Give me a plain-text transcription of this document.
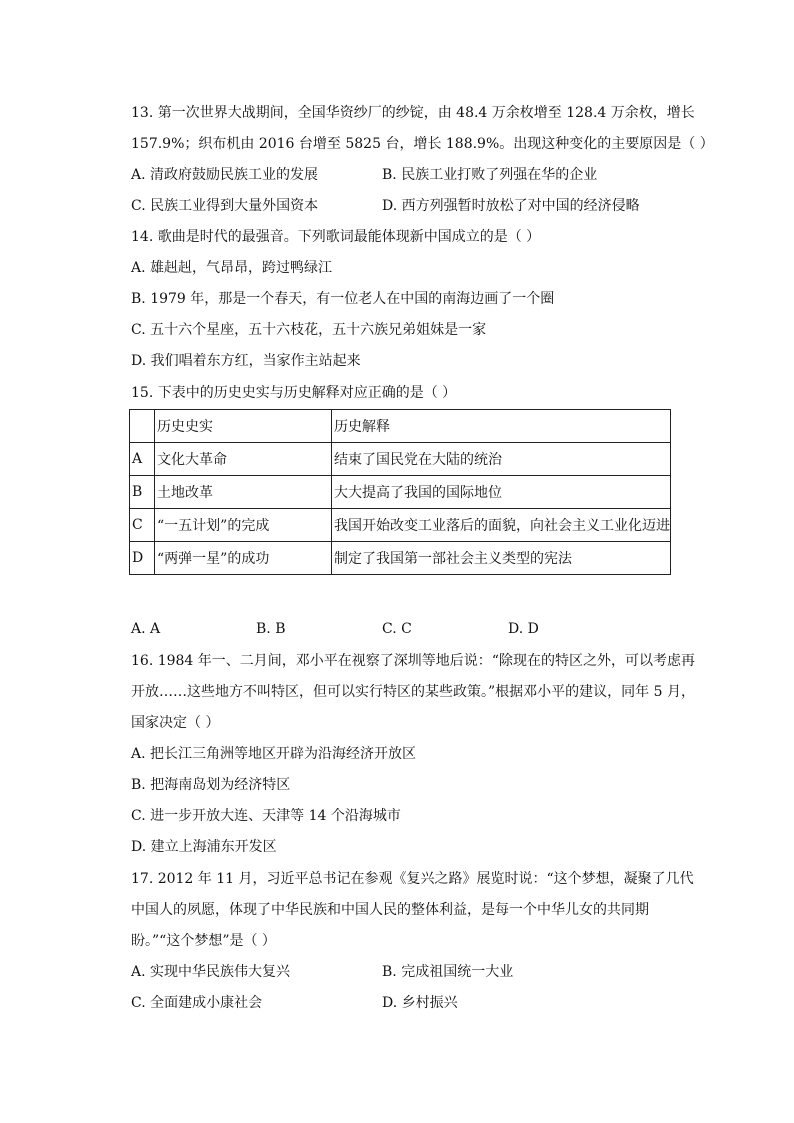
13. 第一次世界大战期间，全国华资纱厂的纱锭，由 48.4 万余枚增至 128.4 万余枚，增长
157.9%；织布机由 2016 台增至 5825 台，增长 188.9%。出现这种变化的主要原因是（ ）
A. 清政府鼓励民族工业的发展	B. 民族工业打败了列强在华的企业
C. 民族工业得到大量外国资本	D. 西方列强暂时放松了对中国的经济侵略
14. 歌曲是时代的最强音。下列歌词最能体现新中国成立的是（ ）
A. 雄赳赳，气昂昂，跨过鸭绿江
B. 1979 年，那是一个春天，有一位老人在中国的南海边画了一个圈
C. 五十六个星座，五十六枝花，五十六族兄弟姐妹是一家
D. 我们唱着东方红，当家作主站起来
15. 下表中的历史史实与历史解释对应正确的是（ ）
	历史史实	历史解释
A	文化大革命	结束了国民党在大陆的统治
B	土地改革	大大提高了我国的国际地位
C	“一五计划”的完成	我国开始改变工业落后的面貌，向社会主义工业化迈进
D	“两弹一星”的成功	制定了我国第一部社会主义类型的宪法
A. A	B. B	C. C	D. D
16. 1984 年一、二月间，邓小平在视察了深圳等地后说：“除现在的特区之外，可以考虑再
开放……这些地方不叫特区，但可以实行特区的某些政策。”根据邓小平的建议，同年 5 月，
国家决定（ ）
A. 把长江三角洲等地区开辟为沿海经济开放区
B. 把海南岛划为经济特区
C. 进一步开放大连、天津等 14 个沿海城市
D. 建立上海浦东开发区
17. 2012 年 11 月，习近平总书记在参观《复兴之路》展览时说：“这个梦想，凝聚了几代
中国人的夙愿，体现了中华民族和中国人民的整体利益，是每一个中华儿女的共同期
盼。”“这个梦想”是（ ）
A. 实现中华民族伟大复兴	B. 完成祖国统一大业
C. 全面建成小康社会	D. 乡村振兴
